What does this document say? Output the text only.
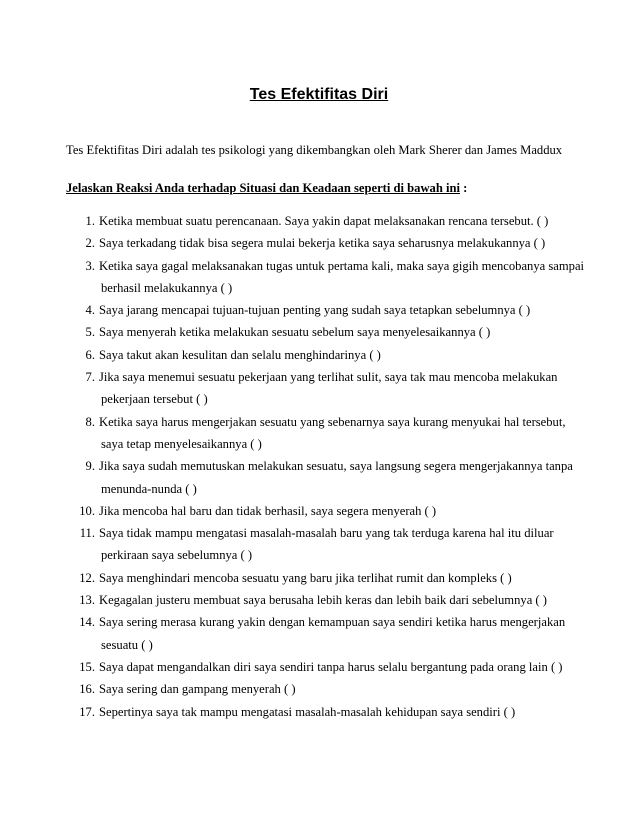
Tes Efektifitas Diri

Tes Efektifitas Diri adalah tes psikologi yang dikembangkan oleh Mark Sherer dan James Maddux

Jelaskan Reaksi Anda terhadap Situasi dan Keadaan seperti di bawah ini :

1. Ketika membuat suatu perencanaan. Saya yakin dapat melaksanakan rencana tersebut. ( )
2. Saya terkadang tidak bisa segera mulai bekerja ketika saya seharusnya melakukannya ( )
3. Ketika saya gagal melaksanakan tugas untuk pertama kali, maka saya gigih mencobanya sampai
berhasil melakukannya ( )
4. Saya jarang mencapai tujuan-tujuan penting yang sudah saya tetapkan sebelumnya ( )
5. Saya menyerah ketika melakukan sesuatu sebelum saya menyelesaikannya ( )
6. Saya takut akan kesulitan dan selalu menghindarinya ( )
7. Jika saya menemui sesuatu pekerjaan yang terlihat sulit, saya tak mau mencoba melakukan
pekerjaan tersebut ( )
8. Ketika saya harus mengerjakan sesuatu yang sebenarnya saya kurang menyukai hal tersebut,
saya tetap menyelesaikannya ( )
9. Jika saya sudah memutuskan melakukan sesuatu, saya langsung segera mengerjakannya tanpa
menunda-nunda ( )
10. Jika mencoba hal baru dan tidak berhasil, saya segera menyerah ( )
11. Saya tidak mampu mengatasi masalah-masalah baru yang tak terduga karena hal itu diluar
perkiraan saya sebelumnya ( )
12. Saya menghindari mencoba sesuatu yang baru jika terlihat rumit dan kompleks ( )
13. Kegagalan justeru membuat saya berusaha lebih keras dan lebih baik dari sebelumnya ( )
14. Saya sering merasa kurang yakin dengan kemampuan saya sendiri ketika harus mengerjakan
sesuatu ( )
15. Saya dapat mengandalkan diri saya sendiri tanpa harus selalu bergantung pada orang lain ( )
16. Saya sering dan gampang menyerah ( )
17. Sepertinya saya tak mampu mengatasi masalah-masalah kehidupan saya sendiri ( )
